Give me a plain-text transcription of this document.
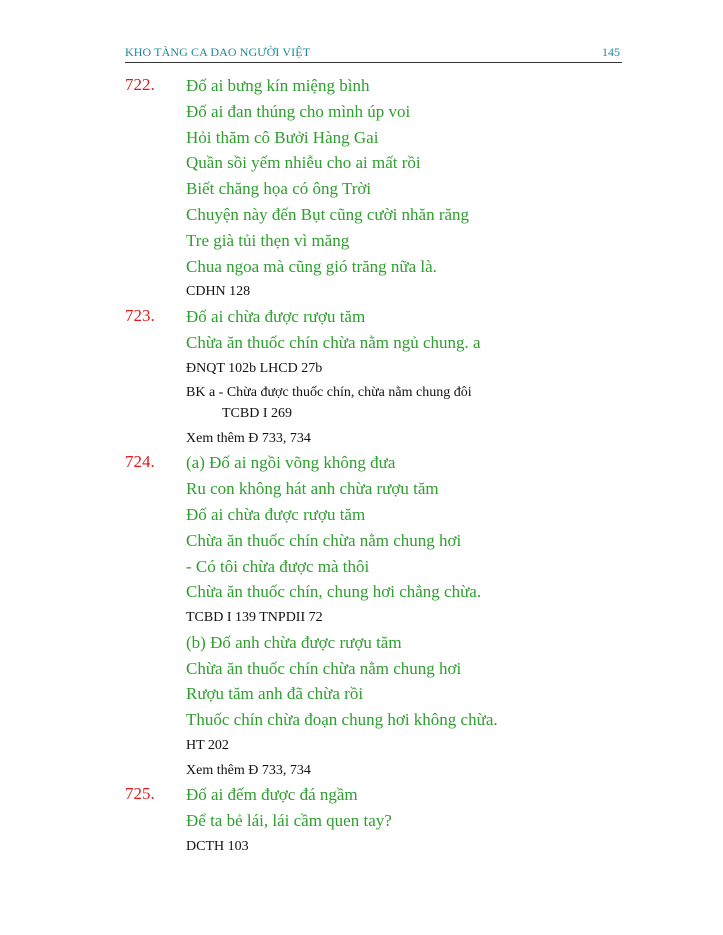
KHO TÀNG CA DAO NGƯỜI VIỆT	145
722. Đố ai bưng kín miệng bình
Đố ai đan thúng cho mình úp voi
Hỏi thăm cô Bưởi Hàng Gai
Quần sồi yếm nhiễu cho ai mất rồi
Biết chăng họa có ông Trời
Chuyện này đến Bụt cũng cười nhăn răng
Tre già tủi thẹn vì măng
Chua ngoa mà cũng gió trăng nữa là.
CDHN 128
723. Đố ai chừa được rượu tăm
Chừa ăn thuốc chín chừa nằm ngủ chung. a
ĐNQT 102b LHCD 27b
BK a - Chừa được thuốc chín, chừa nằm chung đôi
TCBD I 269
Xem thêm Đ 733, 734
724. (a) Đố ai ngồi võng không đưa
Ru con không hát anh chừa rượu tăm
Đố ai chừa được rượu tăm
Chừa ăn thuốc chín chừa nằm chung hơi
- Có tôi chừa được mà thôi
Chừa ăn thuốc chín, chung hơi chẳng chừa.
TCBD I 139 TNPDII 72
(b) Đố anh chừa được rượu tăm
Chừa ăn thuốc chín chừa nằm chung hơi
Rượu tăm anh đã chừa rồi
Thuốc chín chừa đoạn chung hơi không chừa.
HT 202
Xem thêm Đ 733, 734
725. Đố ai đếm được đá ngầm
Để ta bẻ lái, lái cầm quen tay?
DCTH 103
